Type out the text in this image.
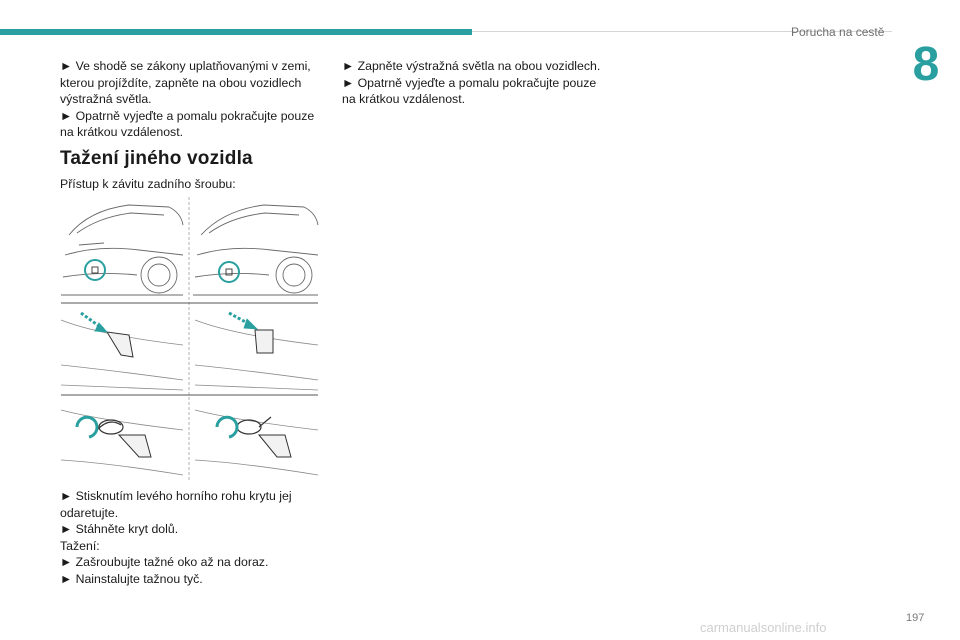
Porucha na cestě
8

► Ve shodě se zákony uplatňovanými v zemi, kterou projíždíte, zapněte na obou vozidlech výstražná světla.

► Opatrně vyjeďte a pomalu pokračujte pouze na krátkou vzdálenost.

Tažení jiného vozidla
Přístup k závitu zadního šroubu:

► Stisknutím levého horního rohu krytu jej odaretujte.

► Stáhněte kryt dolů.

Tažení:

► Zašroubujte tažné oko až na doraz.

► Nainstalujte tažnou tyč.

► Zapněte výstražná světla na obou vozidlech.

► Opatrně vyjeďte a pomalu pokračujte pouze na krátkou vzdálenost.

197
carmanualsonline.info
